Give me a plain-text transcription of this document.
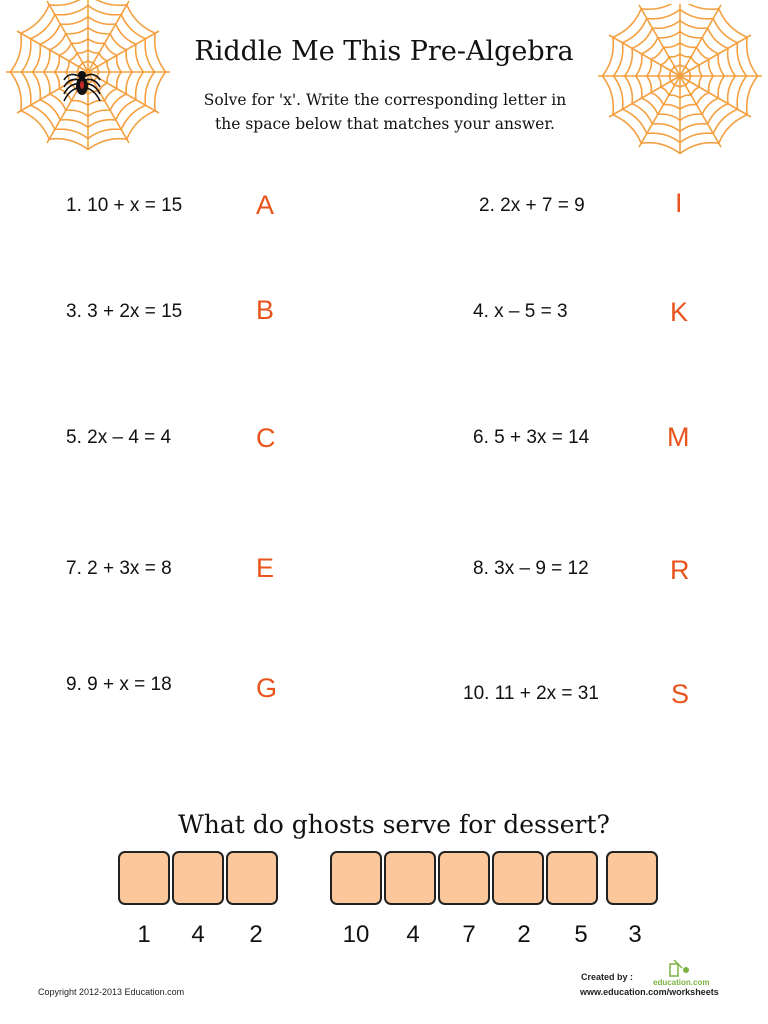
Riddle Me This Pre-Algebra
Solve for 'x'. Write the corresponding letter in
the space below that matches your answer.
1. 10 + x = 15	A	2. 2x + 7 = 9	I
3. 3 + 2x = 15	B	4. x – 5 = 3	K
5. 2x – 4 = 4	C	6. 5 + 3x = 14	M
7. 2 + 3x = 8	E	8. 3x – 9 = 12	R
9. 9 + x = 18	G	10. 11 + 2x = 31	S
What do ghosts serve for dessert?
1	4	2	10	4	7	2	5	3
Copyright 2012-2013 Education.com
Created by :
education.com
www.education.com/worksheets
